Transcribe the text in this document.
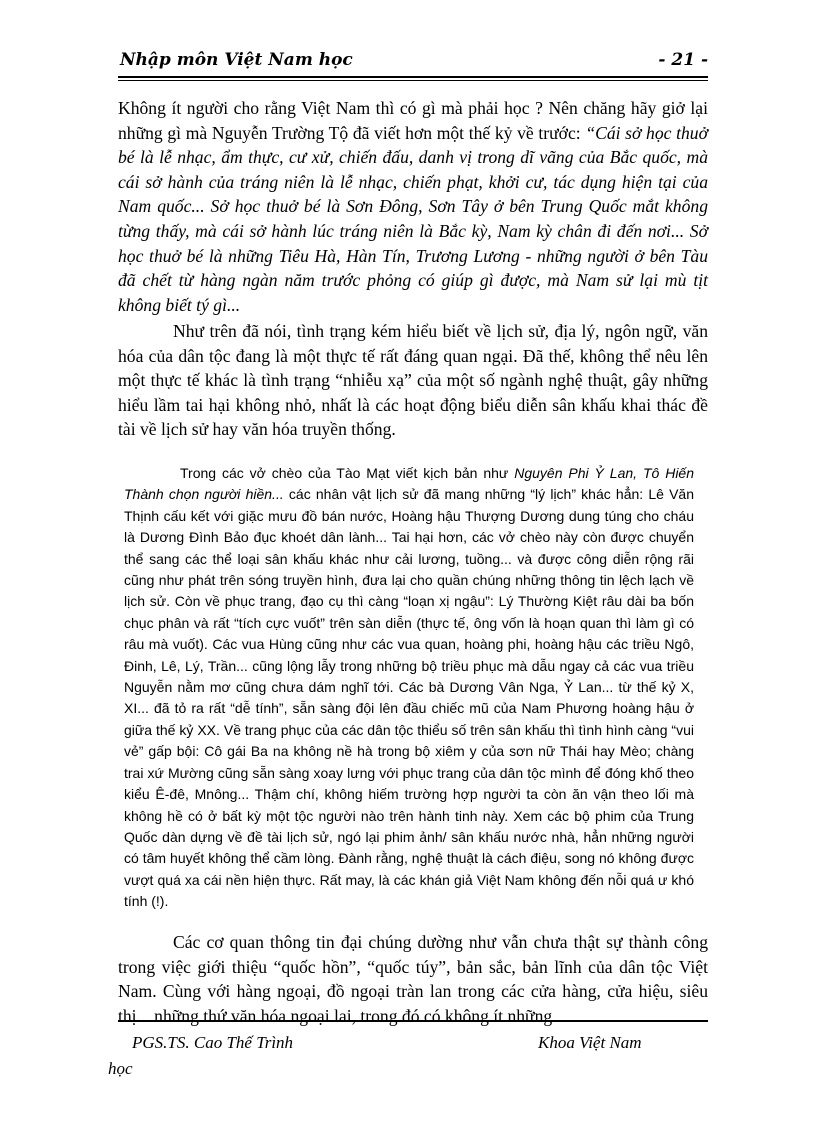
Nhập môn Việt Nam học	- 21 -

Không ít người cho rằng Việt Nam thì có gì mà phải học ? Nên chăng hãy giở lại những gì mà Nguyễn Trường Tộ đã viết hơn một thế kỷ về trước: “Cái sở học thuở bé là lễ nhạc, ẩm thực, cư xử, chiến đấu, danh vị trong dĩ vãng của Bắc quốc, mà cái sở hành của tráng niên là lễ nhạc, chiến phạt, khởi cư, tác dụng hiện tại của Nam quốc... Sở học thuở bé là Sơn Đông, Sơn Tây ở bên Trung Quốc mắt không từng thấy, mà cái sở hành lúc tráng niên là Bắc kỳ, Nam kỳ chân đi đến nơi... Sở học thuở bé là những Tiêu Hà, Hàn Tín, Trương Lương - những người ở bên Tàu đã chết từ hàng ngàn năm trước phỏng có giúp gì được, mà Nam sử lại mù tịt không biết tý gì...

Như trên đã nói, tình trạng kém hiểu biết về lịch sử, địa lý, ngôn ngữ, văn hóa của dân tộc đang là một thực tế rất đáng quan ngại. Đã thế, không thể nêu lên một thực tế khác là tình trạng “nhiễu xạ” của một số ngành nghệ thuật, gây những hiểu lầm tai hại không nhỏ, nhất là các hoạt động biểu diễn sân khấu khai thác đề tài về lịch sử hay văn hóa truyền thống.

Trong các vở chèo của Tào Mạt viết kịch bản như Nguyên Phi Ỷ Lan, Tô Hiến Thành chọn người hiền... các nhân vật lịch sử đã mang những “lý lịch” khác hẳn: Lê Văn Thịnh cấu kết với giặc mưu đồ bán nước, Hoàng hậu Thượng Dương dung túng cho cháu là Dương Đình Bảo đục khoét dân lành... Tai hại hơn, các vở chèo này còn được chuyển thể sang các thể loại sân khấu khác như cải lương, tuồng... và được công diễn rộng rãi cũng như phát trên sóng truyền hình, đưa lại cho quần chúng những thông tin lệch lạch về lịch sử. Còn về phục trang, đạo cụ thì càng “loạn xị ngậu”: Lý Thường Kiệt râu dài ba bốn chục phân và rất “tích cực vuốt” trên sàn diễn (thực tế, ông vốn là hoạn quan thì làm gì có râu mà vuốt). Các vua Hùng cũng như các vua quan, hoàng phi, hoàng hậu các triều Ngô, Đinh, Lê, Lý, Trần... cũng lộng lẫy trong những bộ triều phục mà dẫu ngay cả các vua triều Nguyễn nằm mơ cũng chưa dám nghĩ tới. Các bà Dương Vân Nga, Ỷ Lan... từ thế kỷ X, XI... đã tỏ ra rất “dễ tính”, sẵn sàng đội lên đầu chiếc mũ của Nam Phương hoàng hậu ở giữa thế kỷ XX. Về trang phục của các dân tộc thiểu số trên sân khấu thì tình hình càng “vui vẻ” gấp bội: Cô gái Ba na không nề hà trong bộ xiêm y của sơn nữ Thái hay Mèo; chàng trai xứ Mường cũng sẵn sàng xoay lưng với phục trang của dân tộc mình để đóng khố theo kiểu Ê-đê, Mnông... Thậm chí, không hiếm trường hợp người ta còn ăn vận theo lối mà không hề có ở bất kỳ một tộc người nào trên hành tinh này. Xem các bộ phim của Trung Quốc dàn dựng về đề tài lịch sử, ngó lại phim ảnh/ sân khấu nước nhà, hẳn những người có tâm huyết không thể cầm lòng. Đành rằng, nghệ thuật là cách điệu, song nó không được vượt quá xa cái nền hiện thực. Rất may, là các khán giả Việt Nam không đến nỗi quá ư khó tính (!).

Các cơ quan thông tin đại chúng dường như vẫn chưa thật sự thành công trong việc giới thiệu “quốc hồn”, “quốc túy”, bản sắc, bản lĩnh của dân tộc Việt Nam. Cùng với hàng ngoại, đồ ngoại tràn lan trong các cửa hàng, cửa hiệu, siêu thị... những thứ văn hóa ngoại lai, trong đó có không ít những

PGS.TS. Cao Thế Trình
học
Khoa Việt Nam
